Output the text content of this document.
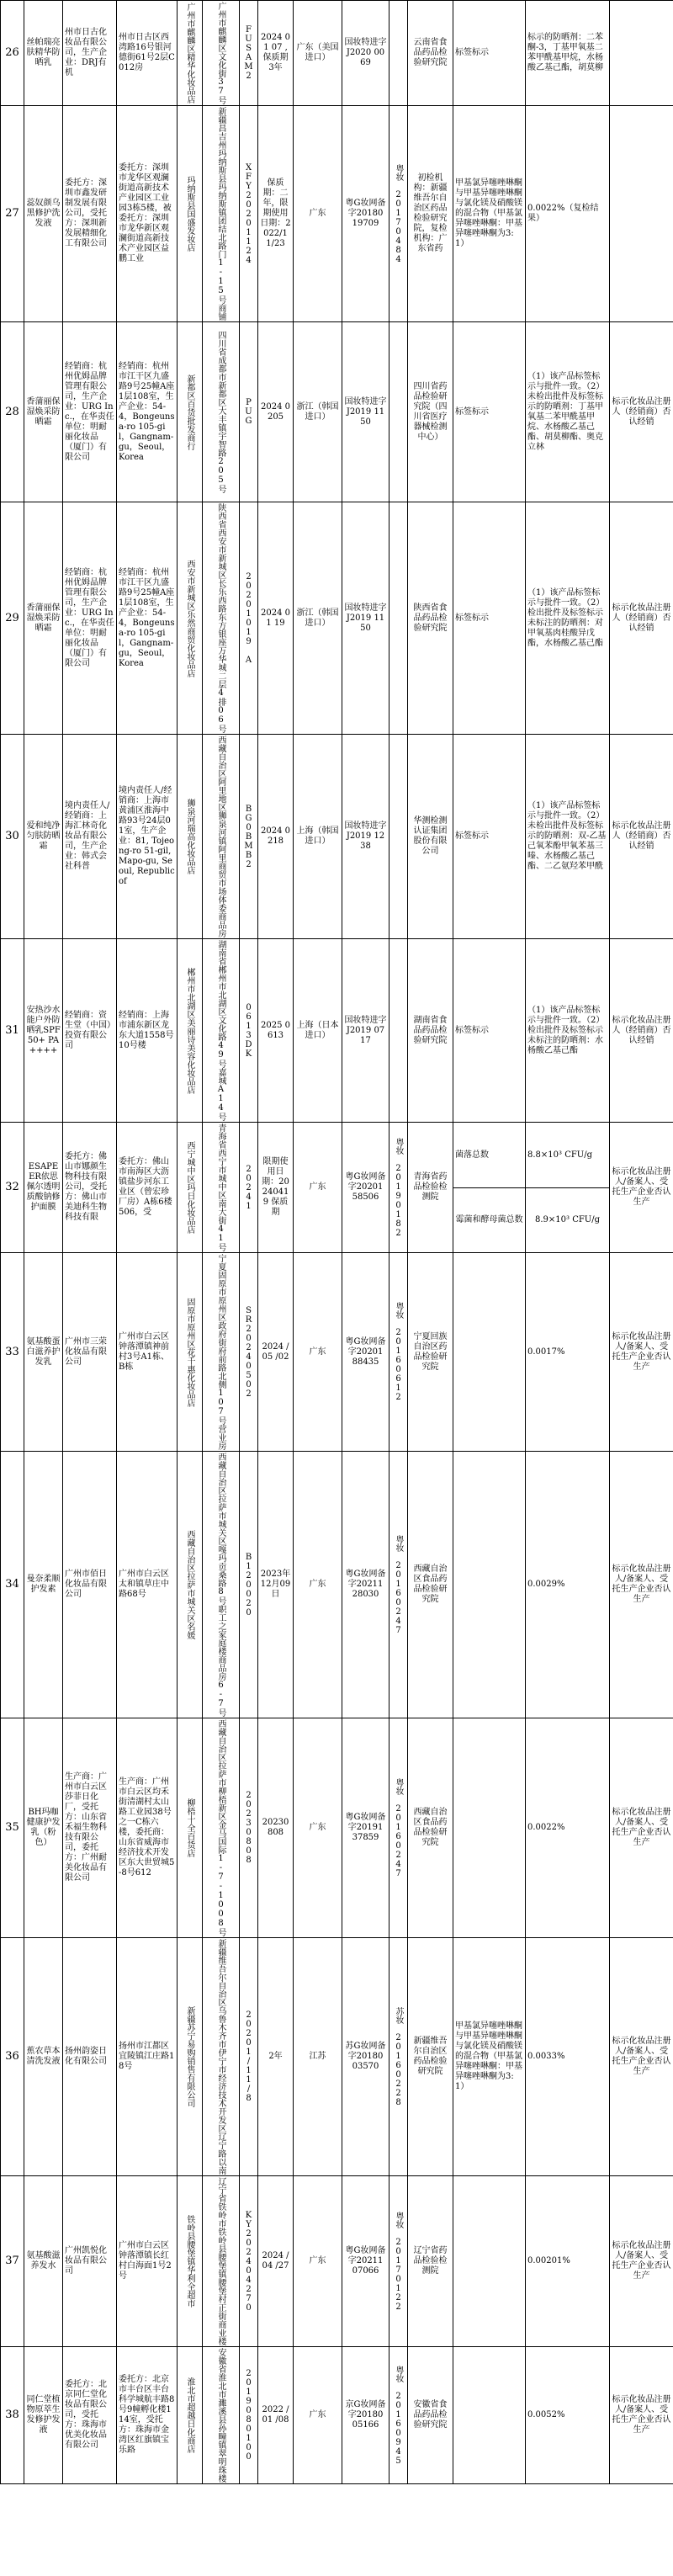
26	丝帕瑞亮肤精华防晒乳	州市日古化妆品有限公司，生产企业：DRJ有机	州市日古区西湾路16号银河德街61号2层C012房	广州市麒麟区精华化妆品店	广州市麒麟区文化街37号	FUSAM2	2024 01 07 , 保质期 3年	广东（美国进口）	国妆特进字J2020 0069		云南省食品药品检验研究院	标签标示	标示的防晒剂：二苯酮-3，丁基甲氧基二苯甲酰基甲烷，水杨酸乙基己酯，胡莫柳	
27	蕊奴颜乌黑修护洗发液	委托方：深圳市鑫发研制发展有限公司，受托方：深圳新发展精细化工有限公司	委托方：深圳市龙华区观澜街道高新技术产业园区工业园3栋5楼，被委托方：深圳市龙华新区观澜街道高新技术产业园区益鹏工业	玛纳斯县国盛发妆店	新疆昌吉州玛纳斯县玛纳斯镇团结北路门1-15号商铺	XFY20201124	保质期：二年，限期使用日期：2022/11/23	广东	粤G妆网备字20180 19709	粤妆 20170484	初检机构：新疆维吾尔自治区药品检验研究院，复检机构：广东省药	甲基氯异噻唑啉酮与甲基异噻唑啉酮与氯化镁及硝酸镁的混合物（甲基氯异噻唑啉酮：甲基异噻唑啉酮为3:1）	0.0022%（复检结果）	
28	香蒲丽保湿焕采防晒霜	经销商：杭州优姆品牌管理有限公司，生产企业：URG Inc.，在华责任单位：明耐丽化妆品（厦门）有限公司	经销商：杭州市江干区九盛路9号25幢A座1层108室，生产企业：54-4，Bongeunsa-ro 105-gil，Gangnam-gu，Seoul，Korea	新都区百货批发商行	四川省成都市新都区大丰镇宇智路205号	PUG	2024 0205	浙江（韩国进口）	国妆特进字J2019 1150		四川省药品检验研究院（四川省医疗器械检测中心）	标签标示	（1）该产品标签标示与批件一致。（2）未检出批件及标签标示的防晒剂：丁基甲氧基二苯甲酰基甲烷、水杨酸乙基己酯、胡莫柳酯、奥克立林	标示化妆品注册人（经销商）否认经销
29	香蒲丽保湿焕采防晒霜	经销商：杭州优姆品牌管理有限公司，生产企业：URG Inc.，在华责任单位：明耐丽化妆品（厦门）有限公司	经销商：杭州市江干区九盛路9号25幢A座1层108室，生产企业：54-4，Bongeunsa-ro 105-gil，Gangnam-gu，Seoul，Korea	西安市新城区乐然商贸化妆品店	陕西省西安市新城区长乐西路东方银座万华城二层4排06号	20201019 A	2024 01 19	浙江（韩国进口）	国妆特进字J2019 1150		陕西省食品药品检验研究院	标签标示	（1）该产品标签标示与批件一致。（2）检出批件及标签标示未标注的防晒剂：对甲氧基肉桂酸异戊酯，水杨酸乙基己酯	标示化妆品注册人（经销商）否认经销
30	爱和纯净匀肤防晒霜	境内责任人/经销商：上海汇林奇化妆品有限公司，生产企业：韩式会社科普	境内责任人/经销商：上海市黄浦区淮海中路93号24层01室，生产企业：81, Tojeong-ro 51-gil, Mapo-gu, Seoul, Republic of	狮泉河瑞高化妆品店	西藏自治区阿里地区狮泉河镇阿里商贸市场体委商品房	BG0BMB2	2024 0218	上海（韩国进口）	国妆特进字J2019 1238		华测检测认证集团股份有限公司	标签标示	（1）该产品标签标示与批件一致。（2）未检出批件及标签标示的防晒剂：双-乙基己氧苯酚甲氧苯基三嗪、水杨酸乙基己酯、二乙氨羟苯甲酰	标示化妆品注册人（经销商）否认经销
31	安热沙水能户外防晒乳SPF50+ PA++++	经销商：资生堂（中国）投资有限公司	经销商：上海市浦东新区龙东大道1558号10号楼	郴州市北湖区美丽诗美容化妆品店	湖南省郴州市北湖区文化路49号嘉城A14号	0613DK	2025 0613	上海（日本进口）	国妆特进字J2019 0717		湖南省食品药品检验研究院	标签标示	（1）该产品标签标示与批件一致。（2）检出批件及标签标示未标注的防晒剂：水杨酸乙基己酯	标示化妆品注册人（经销商）否认经销
32	ESAPEER依思佩尔透明质酸钠修护面膜	委托方：佛山市娜颜生物科技有限公司，受托方：佛山市美迪科生物科技有限	委托方：佛山市南海区大沥镇盐步河东工业区（曾宏珍厂房）A栋6楼506，受	西宁城中区玛日化妆品店	青海省西宁市城中区南大街41号	20241	限期使用日期：20240419 保质期	广东	粤G妆网备字20201 58506	粤妆 20190182	青海省药品检验检测院	菌落总数	8.8×10³ CFU/g	标示化妆品注册人/备案人、受托生产企业否认生产
												霉菌和酵母菌总数	8.9×10³ CFU/g	
33	氨基酸蛋白滋养护发乳	广州市三荣化妆品有限公司	广州市白云区钟落潭镇神前村3号A1栋、B栋	固原市原州区花千惠化妆品店	宁夏固原市原州区政府街府前路北侧107号营业房	SR20240502	2024 /05 /02	广东	粤G妆网备字20201 88435	粤妆 20160612	宁夏回族自治区药品检验研究院		0.0017%	标示化妆品注册人/备案人、受托生产企业否认生产
34	曼奈柔顺护发素	广州市佰日化妆品有限公司	广州市白云区太和镇草庄中路68号	西藏自治区拉萨市城关区名媛	西藏自治区拉萨市城关区嘎玛贡桑路8号职工之家庭楼商品房6-7号	B120020	2023年12月09日	广东	粤G妆网备字20211 28030	粤妆 20160247	西藏自治区食品药品检验研究院		0.0029%	标示化妆品注册人/备案人、受托生产企业否认生产
35	BH玛咖健康护发乳（粉色）	生产商：广州市白云区莎菲日化厂，受托方：山东省禾福生物科技有限公司，委托方：广州耐美化妆品有限公司	生产商：广州市白云区均禾街清湖村太山路工业园38号之一C栋六楼，委托商：山东省威海市经济技术开发区东大世贸城5-8号612	柳梧十全百货店	西藏自治区拉萨市柳梧新区金马国际1-7-1008号	20230808	20230808	广东	粤G妆网备字20191 37859	粤妆 20160247	西藏自治区食品药品检验研究院		0.0022%	标示化妆品注册人/备案人、受托生产企业否认生产
36	蕉农草本清洗发液	扬州韵姿日化有限公司	扬州市江都区宜陵镇江庄路18号	新疆苏宁易购销售有限公司	新疆维吾尔自治区乌鲁木齐市伊宁市经济技术开发区辽宁路以南	20201/11/8	2年	江苏	苏G妆网备字20180 03570	苏妆 20160228	新疆维吾尔自治区药品检验研究院	甲基氯异噻唑啉酮与甲基异噻唑啉酮与氯化镁及硝酸镁的混合物（甲基氯异噻唑啉酮：甲基异噻唑啉酮为3:1）	0.0033%	标示化妆品注册人/备案人、受托生产企业否认生产
37	氨基酸滋养发水	广州凯悦化妆品有限公司	广州市白云区钟落潭镇长红村白海面1号2号	铁岭县腰堡镇华利全超市	辽宁省铁岭市铁岭县腰堡镇腰堡村正街商业楼	KY202404270	2024 /04 /27	广东	粤G妆网备字20211 07066	粤妆 20170122	辽宁省药品检验检测院		0.00201%	标示化妆品注册人/备案人、受托生产企业否认生产
38	同仁堂植物原萃生发修护发液	委托方：北京同仁堂化妆品有限公司，受托方：珠海市优美化妆品有限公司	委托方：北京市丰台区丰台科学城航丰路8号9幢孵化楼114室，受托方：珠海市金湾区红旗镇宝乐路	淮北市超越日化商店	安徽省淮北市濉溪县孙疃镇翠明珠楼	2019080100	2022 /01 /08	广东	京G妆网备字20180 05166	粤妆 20160945	安徽省食品药品检验研究院		0.0052%	标示化妆品注册人/备案人、受托生产企业否认生产
